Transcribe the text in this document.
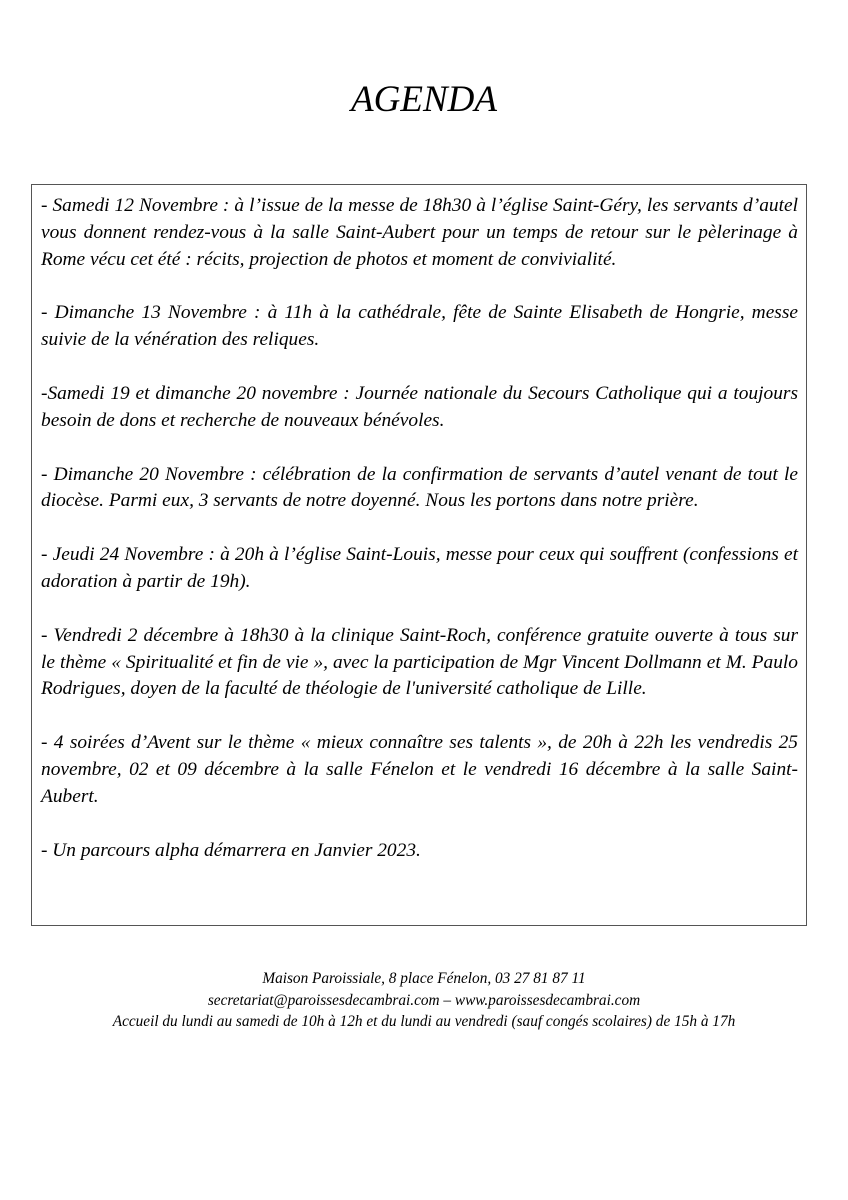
AGENDA

- Samedi 12 Novembre : à l’issue de la messe de 18h30 à l’église Saint-Géry, les servants d’autel vous donnent rendez-vous à la salle Saint-Aubert pour un temps de retour sur le pèlerinage à Rome vécu cet été : récits, projection de photos et moment de convivialité.

- Dimanche 13 Novembre : à 11h à la cathédrale, fête de Sainte Elisabeth de Hongrie, messe suivie de la vénération des reliques.

-Samedi 19 et dimanche 20 novembre : Journée nationale du Secours Catholique qui a toujours besoin de dons et recherche de nouveaux bénévoles.

- Dimanche 20 Novembre : célébration de la confirmation de servants d’autel venant de tout le diocèse. Parmi eux, 3 servants de notre doyenné. Nous les portons dans notre prière.

- Jeudi 24 Novembre : à 20h à l’église Saint-Louis, messe pour ceux qui souffrent (confessions et adoration à partir de 19h).

- Vendredi 2 décembre à 18h30 à la clinique Saint-Roch, conférence gratuite ouverte à tous sur le thème « Spiritualité et fin de vie », avec la participation de Mgr Vincent Dollmann et M. Paulo Rodrigues, doyen de la faculté de théologie de l'université catholique de Lille.

- 4 soirées d’Avent sur le thème « mieux connaître ses talents », de 20h à 22h les vendredis 25 novembre, 02 et 09 décembre à la salle Fénelon et le vendredi 16 décembre à la salle Saint-Aubert.

- Un parcours alpha démarrera en Janvier 2023.

Maison Paroissiale, 8 place Fénelon, 03 27 81 87 11
secretariat@paroissesdecambrai.com – www.paroissesdecambrai.com
Accueil du lundi au samedi de 10h à 12h et du lundi au vendredi (sauf congés scolaires) de 15h à 17h
